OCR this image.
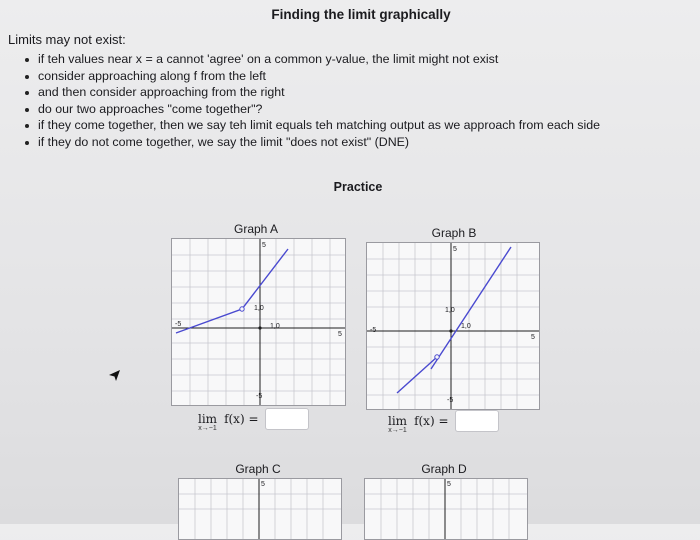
Finding the limit graphically
Limits may not exist:
if teh values near x = a cannot 'agree' on a common y-value, the limit might not exist
consider approaching along f from the left
and then consider approaching from the right
do our two approaches "come together"?
if they come together, then we say teh limit equals teh matching output as we approach from each side
if they do not come together, we say the limit "does not exist" (DNE)
Practice
Graph A
5
-5
-5
5
1,0
1,0
lim
x→−1
f(x) =
Graph B
5
-5
-5
5
1,0
1,0
lim
x→−1
f(x) =
Graph C
5
Graph D
5
